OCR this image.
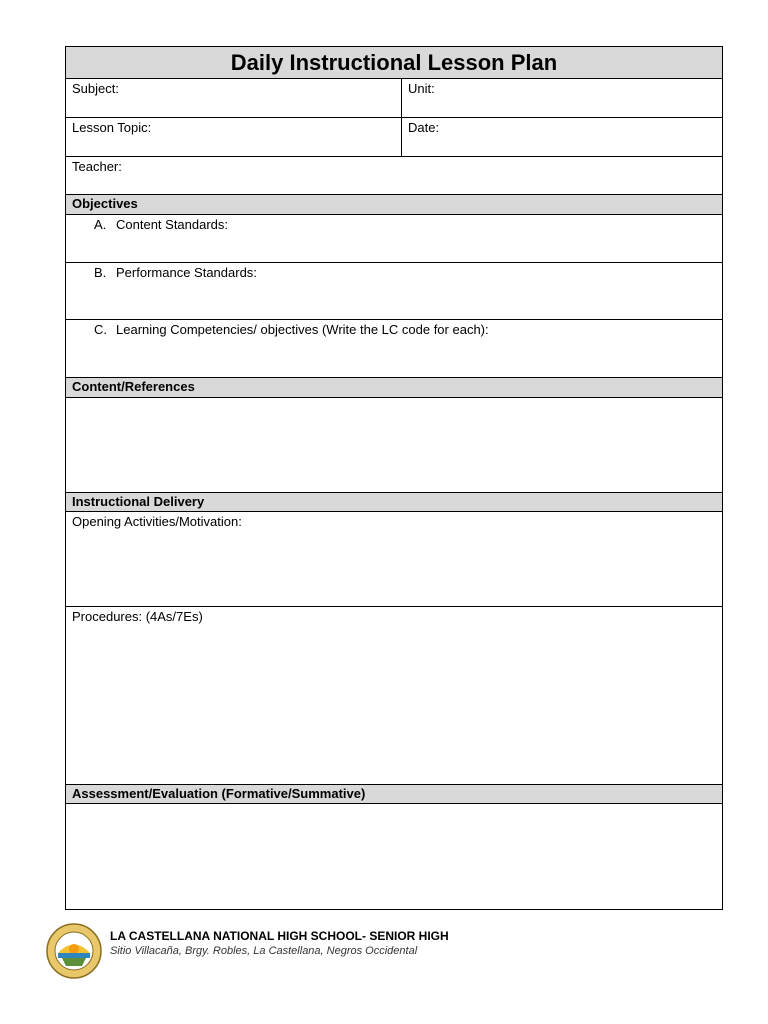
Daily Instructional Lesson Plan
Subject:	Unit:
Lesson Topic:	Date:
Teacher:
Objectives
A. Content Standards:
B. Performance Standards:
C. Learning Competencies/ objectives (Write the LC code for each):
Content/References
Instructional Delivery
Opening Activities/Motivation:
Procedures: (4As/7Es)
Assessment/Evaluation (Formative/Summative)
LA CASTELLANA NATIONAL HIGH SCHOOL- SENIOR HIGH
Sitio Villacaña, Brgy. Robles, La Castellana, Negros Occidental
